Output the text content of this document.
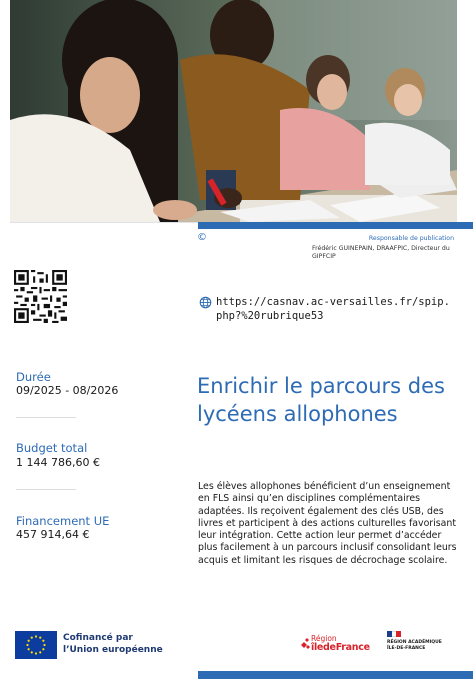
©	Responsable de publication
Frédéric GUINEPAIN, DRAAFPIC, Directeur du GIPFCIP
https://casnav.ac-versailles.fr/spip.php?%20rubrique53
Durée
09/2025 - 08/2026
Budget total
1 144 786,60 €
Financement UE
457 914,64 €
Enrichir le parcours des lycéens allophones

Les élèves allophones bénéficient d’un enseignement en FLS ainsi qu’en disciplines complémentaires adaptées. Ils reçoivent également des clés USB, des livres et participent à des actions culturelles favorisant leur intégration. Cette action leur permet d’accéder plus facilement à un parcours inclusif consolidant leurs acquis et limitant les risques de décrochage scolaire.

Cofinancé par
l’Union européenne
Région
îledeFrance	RÉGION ACADÉMIQUE
ÎLE-DE-FRANCE
